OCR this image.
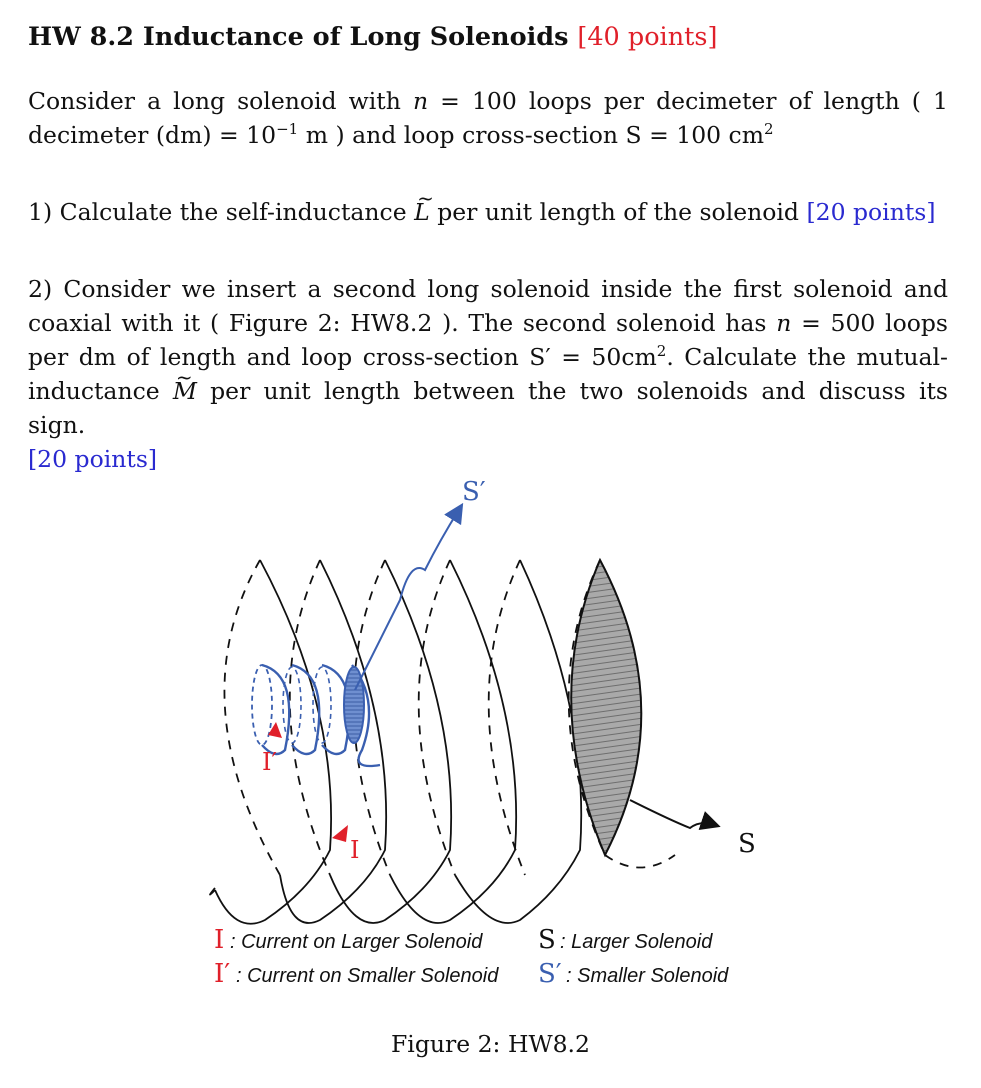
HW 8.2 Inductance of Long Solenoids [40 points]
Consider a long solenoid with n = 100 loops per decimeter of length ( 1 decimeter $(dm) = 10^{-1}$ m ) and loop cross-section S = 100 $cm^2$
1) Calculate the self-inductance ~ L per unit length of the solenoid [20 points]
2) Consider we insert a second long solenoid inside the first solenoid and coaxial with it ( Figure 2: HW8.2 ). The second solenoid has n = 500 loops per dm of length and loop cross-section $S' = 50cm^2$. Calculate the mutual-inductance ~ M per unit length between the two solenoids and discuss its sign.
[20 points]
S′
S
I′
I
I : Current on Larger Solenoid
I′ : Current on Smaller Solenoid
S : Larger Solenoid
S′ : Smaller Solenoid
Figure 2: HW8.2
